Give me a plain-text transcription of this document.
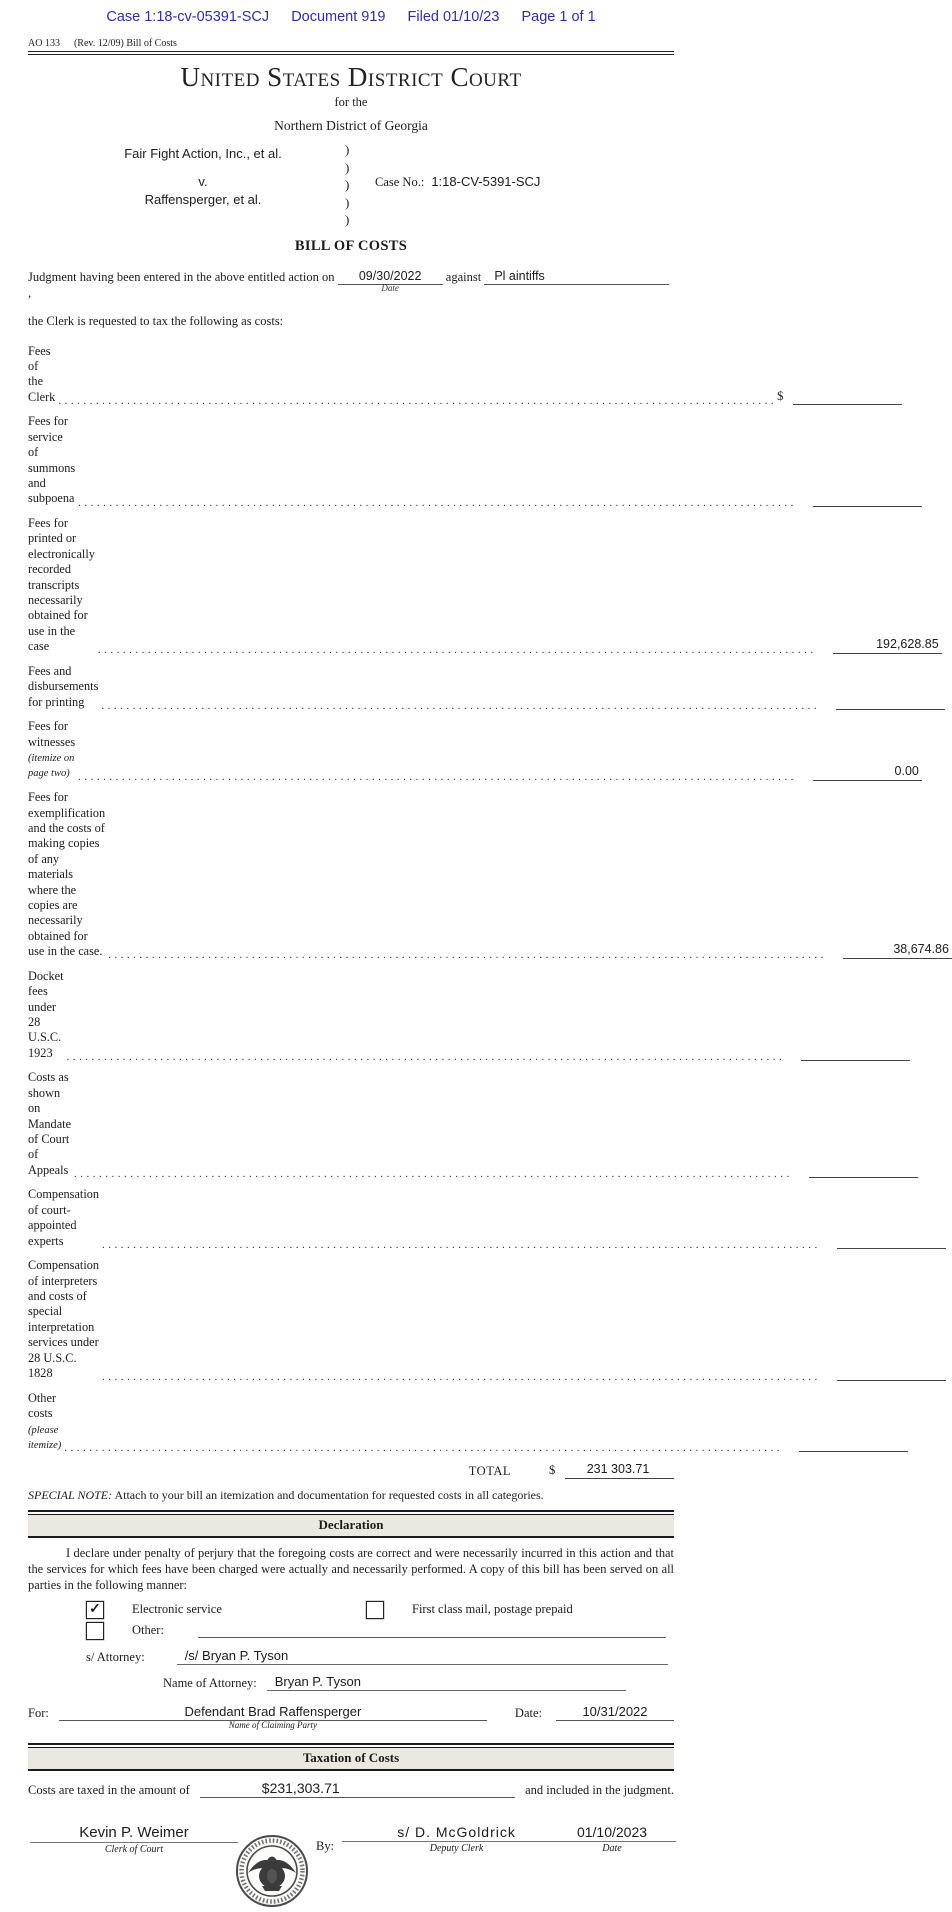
Case 1:18-cv-05391-SCJ Document 919 Filed 01/10/23 Page 1 of 1
AO 133 (Rev. 12/09) Bill of Costs
United States District Court
for the
Northern District of Georgia
Fair Fight Action, Inc., et al.
v.
Raffensperger, et al.
)
)
)
)
)
Case No.: 1:18-CV-5391-SCJ
BILL OF COSTS
Judgment having been entered in the above entitled action on 09/30/2022
Date
against Pl aintiffs ,
the Clerk is requested to tax the following as costs:
Fees of the Clerk .....	$
Fees for service of summons and subpoena
.....
Fees for printed or electronically recorded transcripts necessarily obtained for use in the case .....	192,628.85
Fees and disbursements for printing
.....
Fees for witnesses (itemize on page two) .....	0.00
Fees for exemplification and the costs of making copies of any materials where the copies are necessarily obtained for use in the case. .....	38,674.86
Docket fees under 28 U.S.C. 1923
.....
Costs as shown on Mandate of Court of Appeals
.....
Compensation of court-appointed experts
.....
Compensation of interpreters and costs of special interpretation services under 28 U.S.C. 1828
.....
Other costs (please itemize)
.....
TOTAL	$	231 303.71
SPECIAL NOTE: Attach to your bill an itemization and documentation for requested costs in all categories.
Declaration
I declare under penalty of perjury that the foregoing costs are correct and were necessarily incurred in this action and that the services for which fees have been charged were actually and necessarily performed. A copy of this bill has been served on all parties in the following manner:
✓ Electronic service	First class mail, postage prepaid
Other:
s/ Attorney:	/s/ Bryan P. Tyson
Name of Attorney:	Bryan P. Tyson
For:	Defendant Brad Raffensperger
Name of Claiming Party
Date:	10/31/2022
Taxation of Costs
Costs are taxed in the amount of	$231,303.71	and included in the judgment.
Kevin P. Weimer
Clerk of Court	By:
s/ D. McGoldrick
Deputy Clerk
01/10/2023
Date
